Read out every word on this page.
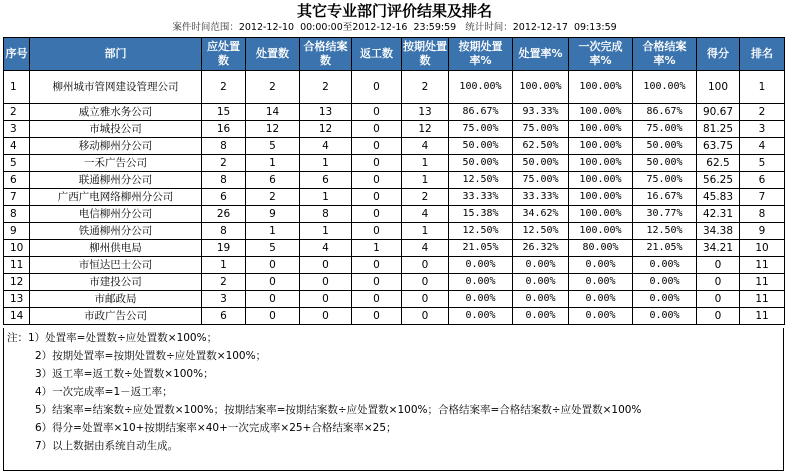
其它专业部门评价结果及排名
案件时间范围：2012-12-10  00:00:00至2012-12-16  23:59:59 统计时间：2012-12-17  09:13:59
序号	部门	应处置数	处置数	合格结案数	返工数	按期处置数	按期处置率%	处置率%	一次完成率%	合格结案率%	得分	排名
1	柳州城市管网建设管理公司	2	2	2	0	2	100.00%	100.00%	100.00%	100.00%	100	1
2	威立雅水务公司	15	14	13	0	13	86.67%	93.33%	100.00%	86.67%	90.67	2
3	市城投公司	16	12	12	0	12	75.00%	75.00%	100.00%	75.00%	81.25	3
4	移动柳州分公司	8	5	4	0	4	50.00%	62.50%	100.00%	50.00%	63.75	4
5	一禾广告公司	2	1	1	0	1	50.00%	50.00%	100.00%	50.00%	62.5	5
6	联通柳州分公司	8	6	6	0	1	12.50%	75.00%	100.00%	75.00%	56.25	6
7	广西广电网络柳州分公司	6	2	1	0	2	33.33%	33.33%	100.00%	16.67%	45.83	7
8	电信柳州分公司	26	9	8	0	4	15.38%	34.62%	100.00%	30.77%	42.31	8
9	铁通柳州分公司	8	1	1	0	1	12.50%	12.50%	100.00%	12.50%	34.38	9
10	柳州供电局	19	5	4	1	4	21.05%	26.32%	80.00%	21.05%	34.21	10
11	市恒达巴士公司	1	0	0	0	0	0.00%	0.00%	0.00%	0.00%	0	11
12	市建投公司	2	0	0	0	0	0.00%	0.00%	0.00%	0.00%	0	11
13	市邮政局	3	0	0	0	0	0.00%	0.00%	0.00%	0.00%	0	11
14	市政广告公司	6	0	0	0	0	0.00%	0.00%	0.00%	0.00%	0	11
注：1）处置率=处置数÷应处置数×100%；
2）按期处置率=按期处置数÷应处置数×100%；
3）返工率=返工数÷处置数×100%；
4）一次完成率=1－返工率；
5）结案率=结案数÷应处置数×100%；按期结案率=按期结案数÷应处置数×100%；合格结案率=合格结案数÷应处置数×100%
6）得分=处置率×10+按期结案率×40+一次完成率×25+合格结案率×25；
7）以上数据由系统自动生成。
